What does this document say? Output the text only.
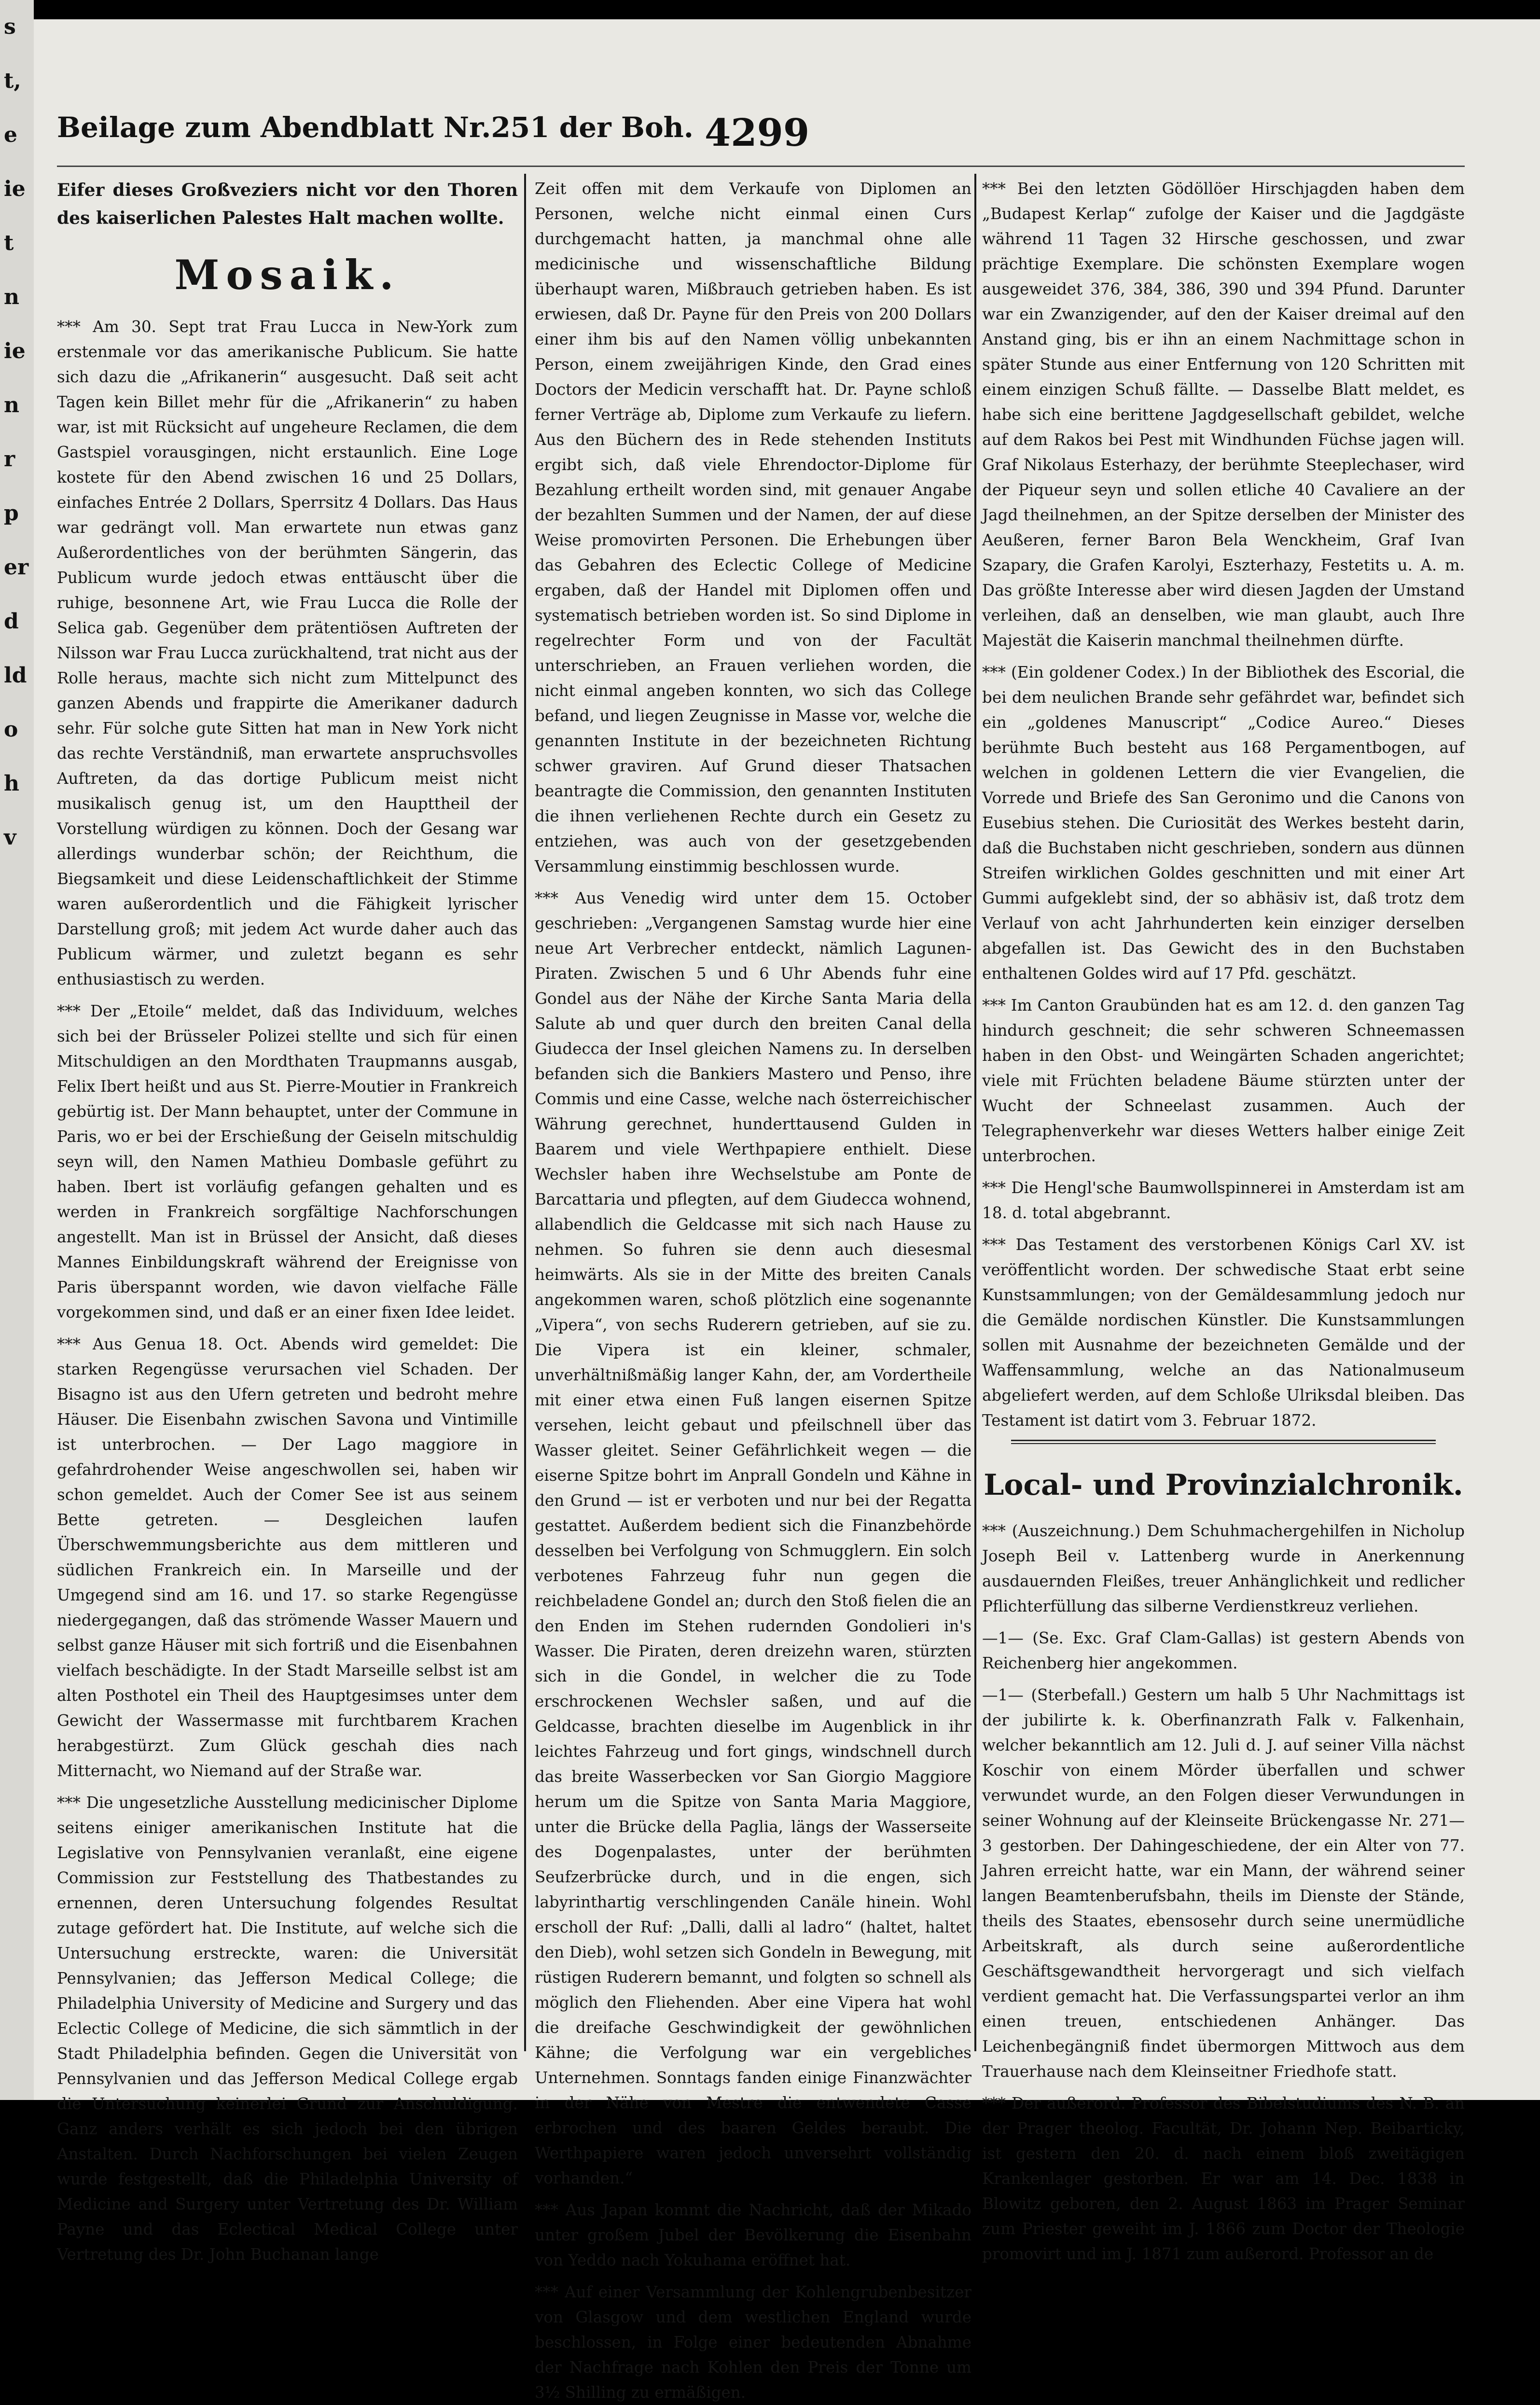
s
t,
e
ie
t
n
ie
n
r
p
er
d
ld
o
h
v
Beilage zum Abendblatt Nr.251 der Boh. 4299

Eifer dieses Großveziers nicht vor den Thoren des kaiserlichen Palestes Halt machen wollte.

Mosaik.

*** Am 30. Sept trat Frau Lucca in New-York zum erstenmale vor das amerikanische Publicum. Sie hatte sich dazu die „Afrikanerin“ ausgesucht. Daß seit acht Tagen kein Billet mehr für die „Afrikanerin“ zu haben war, ist mit Rücksicht auf ungeheure Reclamen, die dem Gastspiel vorausgingen, nicht erstaunlich. Eine Loge kostete für den Abend zwischen 16 und 25 Dollars, einfaches Entrée 2 Dollars, Sperrsitz 4 Dollars. Das Haus war gedrängt voll. Man erwartete nun etwas ganz Außerordentliches von der berühmten Sängerin, das Publicum wurde jedoch etwas enttäuscht über die ruhige, besonnene Art, wie Frau Lucca die Rolle der Selica gab. Gegenüber dem prätentiösen Auftreten der Nilsson war Frau Lucca zurückhaltend, trat nicht aus der Rolle heraus, machte sich nicht zum Mittelpunct des ganzen Abends und frappirte die Amerikaner dadurch sehr. Für solche gute Sitten hat man in New York nicht das rechte Verständniß, man erwartete anspruchsvolles Auftreten, da das dortige Publicum meist nicht musikalisch genug ist, um den Haupttheil der Vorstellung würdigen zu können. Doch der Gesang war allerdings wunderbar schön; der Reichthum, die Biegsamkeit und diese Leidenschaftlichkeit der Stimme waren außerordentlich und die Fähigkeit lyrischer Darstellung groß; mit jedem Act wurde daher auch das Publicum wärmer, und zuletzt begann es sehr enthusiastisch zu werden.

*** Der „Etoile“ meldet, daß das Individuum, welches sich bei der Brüsseler Polizei stellte und sich für einen Mitschuldigen an den Mordthaten Traupmanns ausgab, Felix Ibert heißt und aus St. Pierre-Moutier in Frankreich gebürtig ist. Der Mann behauptet, unter der Commune in Paris, wo er bei der Erschießung der Geiseln mitschuldig seyn will, den Namen Mathieu Dombasle geführt zu haben. Ibert ist vorläufig gefangen gehalten und es werden in Frankreich sorgfältige Nachforschungen angestellt. Man ist in Brüssel der Ansicht, daß dieses Mannes Einbildungskraft während der Ereignisse von Paris überspannt worden, wie davon vielfache Fälle vorgekommen sind, und daß er an einer fixen Idee leidet.

*** Aus Genua 18. Oct. Abends wird gemeldet: Die starken Regengüsse verursachen viel Schaden. Der Bisagno ist aus den Ufern getreten und bedroht mehre Häuser. Die Eisenbahn zwischen Savona und Vintimille ist unterbrochen. — Der Lago maggiore in gefahrdrohender Weise angeschwollen sei, haben wir schon gemeldet. Auch der Comer See ist aus seinem Bette getreten. — Desgleichen laufen Überschwemmungsberichte aus dem mittleren und südlichen Frankreich ein. In Marseille und der Umgegend sind am 16. und 17. so starke Regengüsse niedergegangen, daß das strömende Wasser Mauern und selbst ganze Häuser mit sich fortriß und die Eisenbahnen vielfach beschädigte. In der Stadt Marseille selbst ist am alten Posthotel ein Theil des Hauptgesimses unter dem Gewicht der Wassermasse mit furchtbarem Krachen herabgestürzt. Zum Glück geschah dies nach Mitternacht, wo Niemand auf der Straße war.

*** Die ungesetzliche Ausstellung medicinischer Diplome seitens einiger amerikanischen Institute hat die Legislative von Pennsylvanien veranlaßt, eine eigene Commission zur Feststellung des Thatbestandes zu ernennen, deren Untersuchung folgendes Resultat zutage gefördert hat. Die Institute, auf welche sich die Untersuchung erstreckte, waren: die Universität Pennsylvanien; das Jefferson Medical College; die Philadelphia University of Medicine and Surgery und das Eclectic College of Medicine, die sich sämmtlich in der Stadt Philadelphia befinden. Gegen die Universität von Pennsylvanien und das Jefferson Medical College ergab die Untersuchung keinerlei Grund zur Anschuldigung. Ganz anders verhält es sich jedoch bei den übrigen Anstalten. Durch Nachforschungen bei vielen Zeugen wurde festgestellt, daß die Philadelphia University of Medicine and Surgery unter Vertretung des Dr. William Payne und das Eclectical Medical College unter Vertretung des Dr. John Buchanan lange

Zeit offen mit dem Verkaufe von Diplomen an Personen, welche nicht einmal einen Curs durchgemacht hatten, ja manchmal ohne alle medicinische und wissenschaftliche Bildung überhaupt waren, Mißbrauch getrieben haben. Es ist erwiesen, daß Dr. Payne für den Preis von 200 Dollars einer ihm bis auf den Namen völlig unbekannten Person, einem zweijährigen Kinde, den Grad eines Doctors der Medicin verschafft hat. Dr. Payne schloß ferner Verträge ab, Diplome zum Verkaufe zu liefern. Aus den Büchern des in Rede stehenden Instituts ergibt sich, daß viele Ehrendoctor-Diplome für Bezahlung ertheilt worden sind, mit genauer Angabe der bezahlten Summen und der Namen, der auf diese Weise promovirten Personen. Die Erhebungen über das Gebahren des Eclectic College of Medicine ergaben, daß der Handel mit Diplomen offen und systematisch betrieben worden ist. So sind Diplome in regelrechter Form und von der Facultät unterschrieben, an Frauen verliehen worden, die nicht einmal angeben konnten, wo sich das College befand, und liegen Zeugnisse in Masse vor, welche die genannten Institute in der bezeichneten Richtung schwer graviren. Auf Grund dieser Thatsachen beantragte die Commission, den genannten Instituten die ihnen verliehenen Rechte durch ein Gesetz zu entziehen, was auch von der gesetzgebenden Versammlung einstimmig beschlossen wurde.

*** Aus Venedig wird unter dem 15. October geschrieben: „Vergangenen Samstag wurde hier eine neue Art Verbrecher entdeckt, nämlich Lagunen-Piraten. Zwischen 5 und 6 Uhr Abends fuhr eine Gondel aus der Nähe der Kirche Santa Maria della Salute ab und quer durch den breiten Canal della Giudecca der Insel gleichen Namens zu. In derselben befanden sich die Bankiers Mastero und Penso, ihre Commis und eine Casse, welche nach österreichischer Währung gerechnet, hunderttausend Gulden in Baarem und viele Werthpapiere enthielt. Diese Wechsler haben ihre Wechselstube am Ponte de Barcattaria und pflegten, auf dem Giudecca wohnend, allabendlich die Geldcasse mit sich nach Hause zu nehmen. So fuhren sie denn auch diesesmal heimwärts. Als sie in der Mitte des breiten Canals angekommen waren, schoß plötzlich eine sogenannte „Vipera“, von sechs Ruderern getrieben, auf sie zu. Die Vipera ist ein kleiner, schmaler, unverhältnißmäßig langer Kahn, der, am Vordertheile mit einer etwa einen Fuß langen eisernen Spitze versehen, leicht gebaut und pfeilschnell über das Wasser gleitet. Seiner Gefährlichkeit wegen — die eiserne Spitze bohrt im Anprall Gondeln und Kähne in den Grund — ist er verboten und nur bei der Regatta gestattet. Außerdem bedient sich die Finanzbehörde desselben bei Verfolgung von Schmugglern. Ein solch verbotenes Fahrzeug fuhr nun gegen die reichbeladene Gondel an; durch den Stoß fielen die an den Enden im Stehen rudernden Gondolieri in's Wasser. Die Piraten, deren dreizehn waren, stürzten sich in die Gondel, in welcher die zu Tode erschrockenen Wechsler saßen, und auf die Geldcasse, brachten dieselbe im Augenblick in ihr leichtes Fahrzeug und fort gings, windschnell durch das breite Wasserbecken vor San Giorgio Maggiore herum um die Spitze von Santa Maria Maggiore, unter die Brücke della Paglia, längs der Wasserseite des Dogenpalastes, unter der berühmten Seufzerbrücke durch, und in die engen, sich labyrinthartig verschlingenden Canäle hinein. Wohl erscholl der Ruf: „Dalli, dalli al ladro“ (haltet, haltet den Dieb), wohl setzen sich Gondeln in Bewegung, mit rüstigen Ruderern bemannt, und folgten so schnell als möglich den Fliehenden. Aber eine Vipera hat wohl die dreifache Geschwindigkeit der gewöhnlichen Kähne; die Verfolgung war ein vergebliches Unternehmen. Sonntags fanden einige Finanzwächter in der Nähe von Mestre die entwendete Casse erbrochen und des baaren Geldes beraubt. Die Werthpapiere waren jedoch unversehrt vollständig vorhanden.“

*** Aus Japan kommt die Nachricht, daß der Mikado unter großem Jubel der Bevölkerung die Eisenbahn von Yeddo nach Yokuhama eröffnet hat.

*** Auf einer Versammlung der Kohlengrubenbesitzer von Glasgow und dem westlichen England wurde beschlossen, in Folge einer bedeutenden Abnahme der Nachfrage nach Kohlen den Preis der Tonne um 3½ Shilling zu ermäßigen.

*** Bei den letzten Gödöllöer Hirschjagden haben dem „Budapest Kerlap“ zufolge der Kaiser und die Jagdgäste während 11 Tagen 32 Hirsche geschossen, und zwar prächtige Exemplare. Die schönsten Exemplare wogen ausgeweidet 376, 384, 386, 390 und 394 Pfund. Darunter war ein Zwanzigender, auf den der Kaiser dreimal auf den Anstand ging, bis er ihn an einem Nachmittage schon in später Stunde aus einer Entfernung von 120 Schritten mit einem einzigen Schuß fällte. — Dasselbe Blatt meldet, es habe sich eine berittene Jagdgesellschaft gebildet, welche auf dem Rakos bei Pest mit Windhunden Füchse jagen will. Graf Nikolaus Esterhazy, der berühmte Steeplechaser, wird der Piqueur seyn und sollen etliche 40 Cavaliere an der Jagd theilnehmen, an der Spitze derselben der Minister des Aeußeren, ferner Baron Bela Wenckheim, Graf Ivan Szapary, die Grafen Karolyi, Eszterhazy, Festetits u. A. m. Das größte Interesse aber wird diesen Jagden der Umstand verleihen, daß an denselben, wie man glaubt, auch Ihre Majestät die Kaiserin manchmal theilnehmen dürfte.

*** (Ein goldener Codex.) In der Bibliothek des Escorial, die bei dem neulichen Brande sehr gefährdet war, befindet sich ein „goldenes Manuscript“ „Codice Aureo.“ Dieses berühmte Buch besteht aus 168 Pergamentbogen, auf welchen in goldenen Lettern die vier Evangelien, die Vorrede und Briefe des San Geronimo und die Canons von Eusebius stehen. Die Curiosität des Werkes besteht darin, daß die Buchstaben nicht geschrieben, sondern aus dünnen Streifen wirklichen Goldes geschnitten und mit einer Art Gummi aufgeklebt sind, der so abhäsiv ist, daß trotz dem Verlauf von acht Jahrhunderten kein einziger derselben abgefallen ist. Das Gewicht des in den Buchstaben enthaltenen Goldes wird auf 17 Pfd. geschätzt.

*** Im Canton Graubünden hat es am 12. d. den ganzen Tag hindurch geschneit; die sehr schweren Schneemassen haben in den Obst- und Weingärten Schaden angerichtet; viele mit Früchten beladene Bäume stürzten unter der Wucht der Schneelast zusammen. Auch der Telegraphenverkehr war dieses Wetters halber einige Zeit unterbrochen.

*** Die Hengl'sche Baumwollspinnerei in Amsterdam ist am 18. d. total abgebrannt.

*** Das Testament des verstorbenen Königs Carl XV. ist veröffentlicht worden. Der schwedische Staat erbt seine Kunstsammlungen; von der Gemäldesammlung jedoch nur die Gemälde nordischen Künstler. Die Kunstsammlungen sollen mit Ausnahme der bezeichneten Gemälde und der Waffensammlung, welche an das Nationalmuseum abgeliefert werden, auf dem Schloße Ulriksdal bleiben. Das Testament ist datirt vom 3. Februar 1872.

Local- und Provinzialchronik.

*** (Auszeichnung.) Dem Schuhmachergehilfen in Nicholup Joseph Beil v. Lattenberg wurde in Anerkennung ausdauernden Fleißes, treuer Anhänglichkeit und redlicher Pflichterfüllung das silberne Verdienstkreuz verliehen.

—1— (Se. Exc. Graf Clam-Gallas) ist gestern Abends von Reichenberg hier angekommen.

—1— (Sterbefall.) Gestern um halb 5 Uhr Nachmittags ist der jubilirte k. k. Oberfinanzrath Falk v. Falkenhain, welcher bekanntlich am 12. Juli d. J. auf seiner Villa nächst Koschir von einem Mörder überfallen und schwer verwundet wurde, an den Folgen dieser Verwundungen in seiner Wohnung auf der Kleinseite Brückengasse Nr. 271—3 gestorben. Der Dahingeschiedene, der ein Alter von 77. Jahren erreicht hatte, war ein Mann, der während seiner langen Beamtenberufsbahn, theils im Dienste der Stände, theils des Staates, ebensosehr durch seine unermüdliche Arbeitskraft, als durch seine außerordentliche Geschäftsgewandtheit hervorgeragt und sich vielfach verdient gemacht hat. Die Verfassungspartei verlor an ihm einen treuen, entschiedenen Anhänger. Das Leichenbegängniß findet übermorgen Mittwoch aus dem Trauerhause nach dem Kleinseitner Friedhofe statt.

*** Der außerord. Professor des Bibelstudiums des N. B. an der Prager theolog. Facultät, Dr. Johann Nep. Beibarticky, ist gestern den 20. d. nach einem bloß zweitägigen Krankenlager gestorben. Er war am 14. Dec. 1838 in Blowitz geboren, den 2. August 1863 im Prager Seminar zum Priester geweiht im J. 1866 zum Doctor der Theologie promovirt und im J. 1871 zum außerord. Professor an de
